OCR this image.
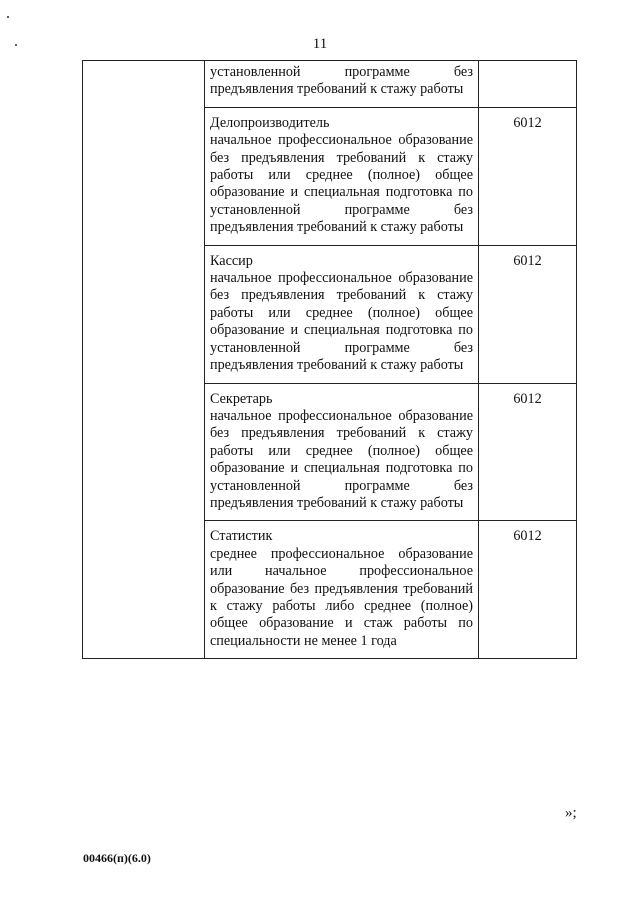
11

	установленной программе без предъявления требований к стажу работы	

	Делопроизводитель
начальное профессиональное образование без предъявления требований к стажу работы или среднее (полное) общее образование и специальная подготовка по установленной программе без предъявления требований к стажу работы	6012

	Кассир
начальное профессиональное образование без предъявления требований к стажу работы или среднее (полное) общее образование и специальная подготовка по установленной программе без предъявления требований к стажу работы	6012

	Секретарь
начальное профессиональное образование без предъявления требований к стажу работы или среднее (полное) общее образование и специальная подготовка по установленной программе без предъявления требований к стажу работы	6012

	Статистик
среднее профессиональное образование или начальное профессиональное образование без предъявления требований к стажу работы либо среднее (полное) общее образование и стаж работы по специальности не менее 1 года	6012
»;
00466(п)(6.0)
